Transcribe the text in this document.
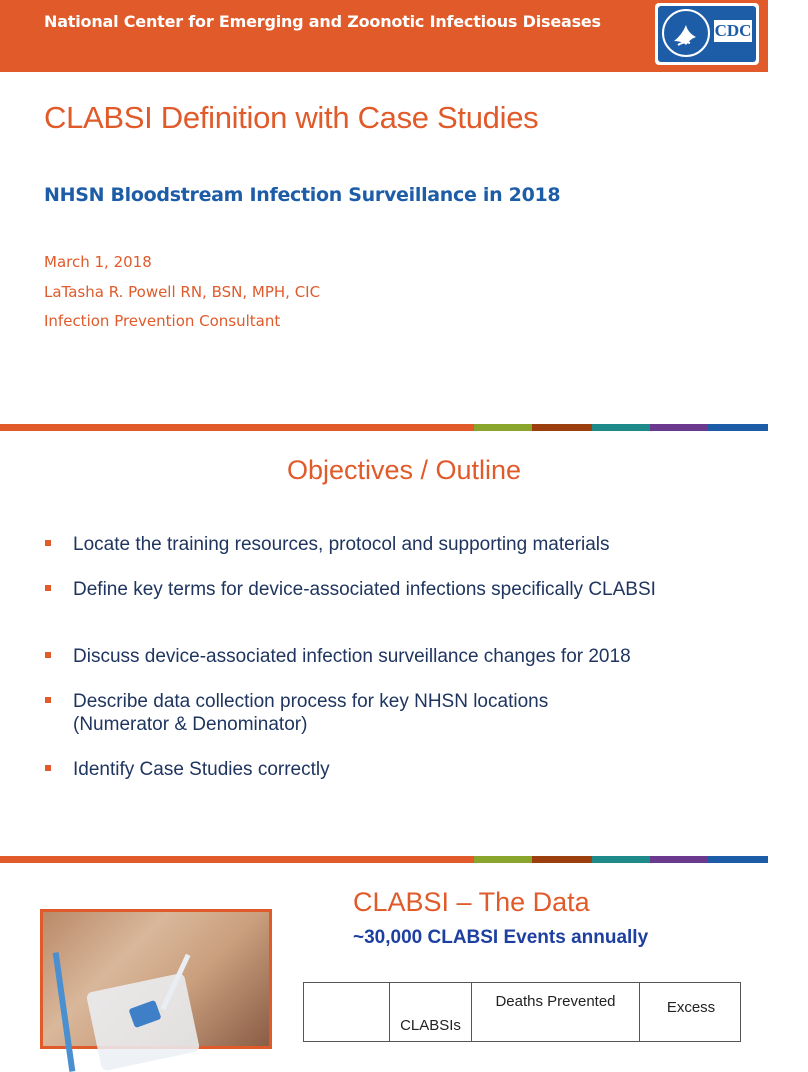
National Center for Emerging and Zoonotic Infectious Diseases	CDC
CLABSI Definition with Case Studies
NHSN Bloodstream Infection Surveillance in 2018
March 1, 2018
LaTasha R. Powell RN, BSN, MPH, CIC
Infection Prevention Consultant
Objectives / Outline
Locate the training resources, protocol and supporting materials
Define key terms for device-associated infections specifically CLABSI
Discuss device-associated infection surveillance changes for 2018
Describe data collection process for key NHSN locations (Numerator & Denominator)
Identify Case Studies correctly
CLABSI – The Data
~30,000 CLABSI Events annually
CLABSIs
Deaths Prevented	Excess
